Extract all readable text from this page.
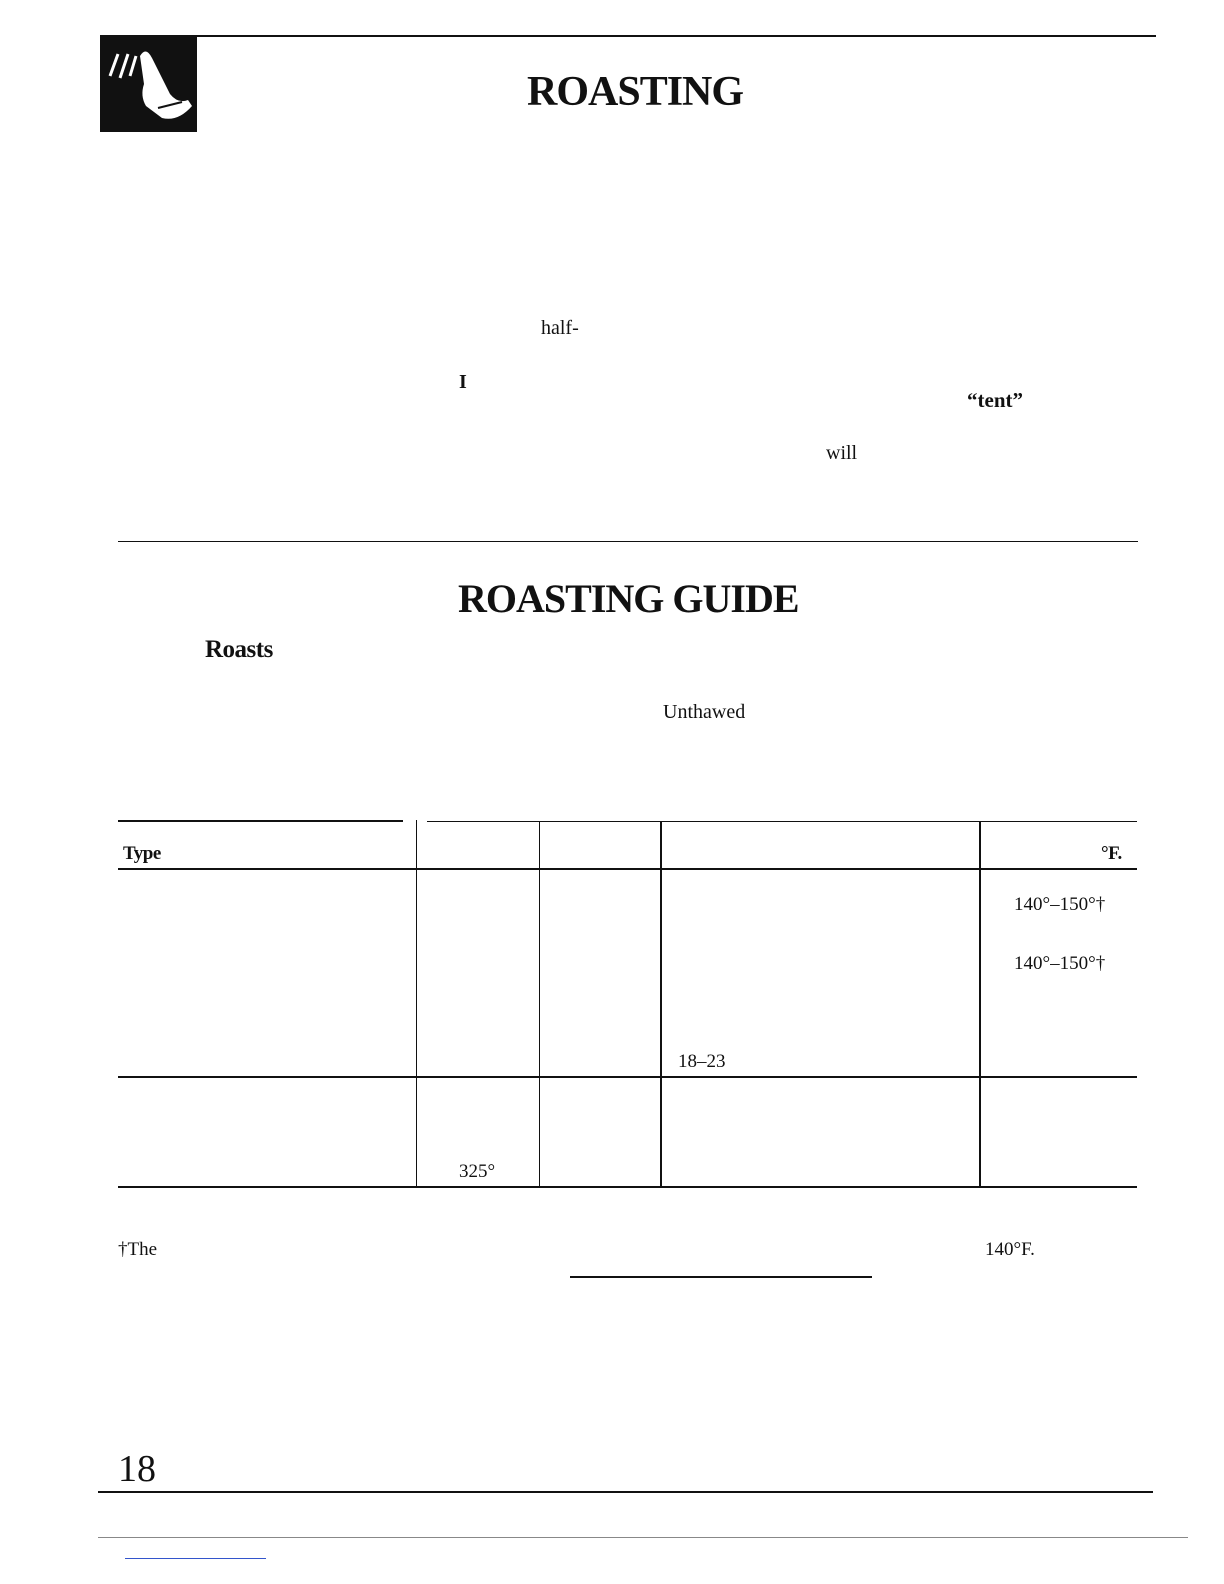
ROASTING
half-
I
“tent”
will
ROASTING GUIDE
Roasts
Unthawed
Type	°F.
140°–150°†
140°–150°†
18–23
325°
†The	140°F.
18
